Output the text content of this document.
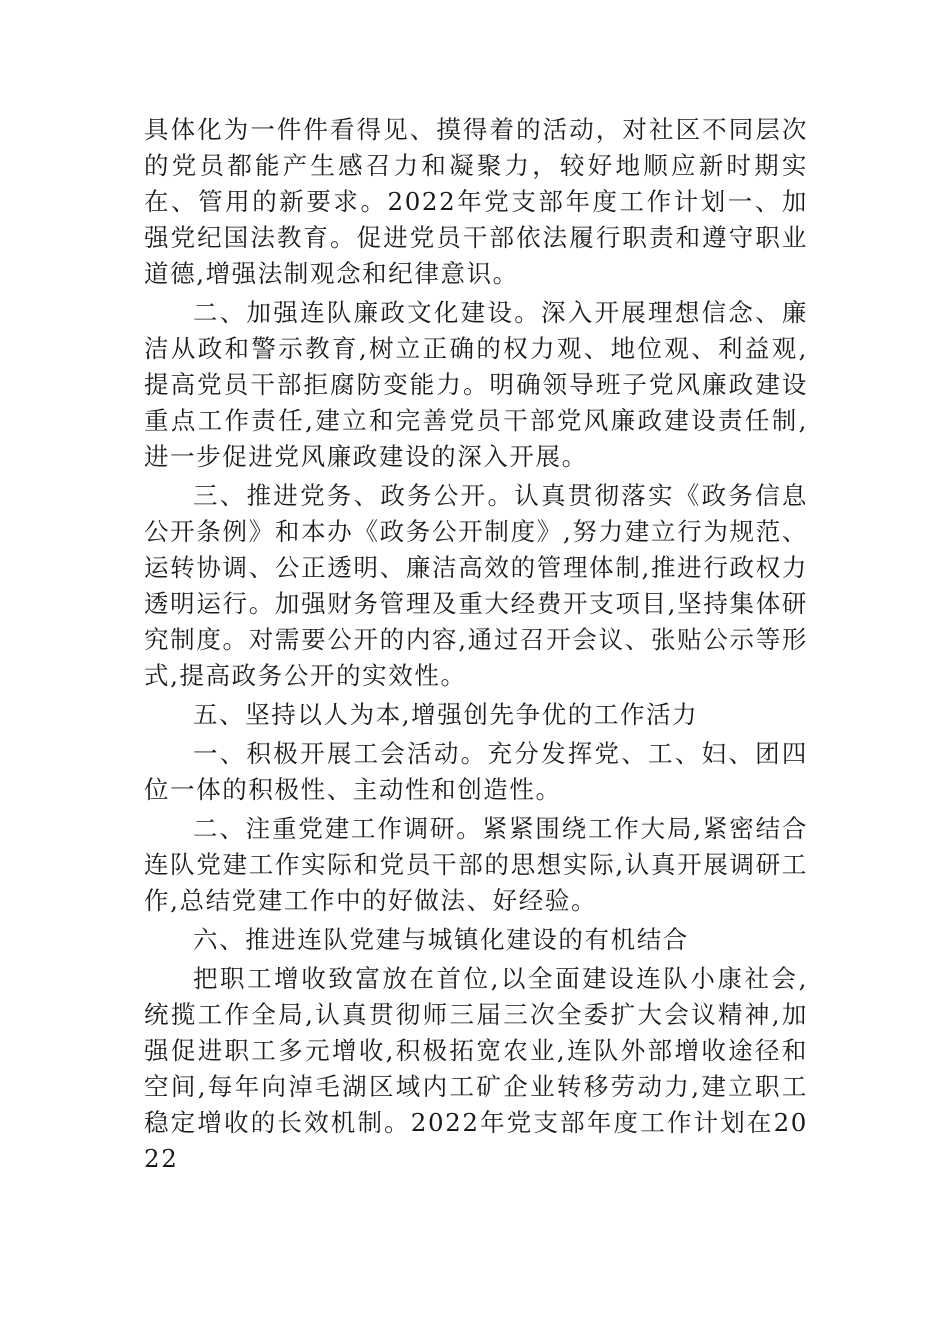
具体化为一件件看得见、摸得着的活动，对社区不同层次的党员都能产生感召力和凝聚力，较好地顺应新时期实在、管用的新要求。2022年党支部年度工作计划一、加强党纪国法教育。促进党员干部依法履行职责和遵守职业道德,增强法制观念和纪律意识。

二、加强连队廉政文化建设。深入开展理想信念、廉洁从政和警示教育,树立正确的权力观、地位观、利益观,提高党员干部拒腐防变能力。明确领导班子党风廉政建设重点工作责任,建立和完善党员干部党风廉政建设责任制,进一步促进党风廉政建设的深入开展。

三、推进党务、政务公开。认真贯彻落实《政务信息公开条例》和本办《政务公开制度》,努力建立行为规范、运转协调、公正透明、廉洁高效的管理体制,推进行政权力透明运行。加强财务管理及重大经费开支项目,坚持集体研究制度。对需要公开的内容,通过召开会议、张贴公示等形式,提高政务公开的实效性。

五、坚持以人为本,增强创先争优的工作活力

一、积极开展工会活动。充分发挥党、工、妇、团四位一体的积极性、主动性和创造性。

二、注重党建工作调研。紧紧围绕工作大局,紧密结合连队党建工作实际和党员干部的思想实际,认真开展调研工作,总结党建工作中的好做法、好经验。

六、推进连队党建与城镇化建设的有机结合

把职工增收致富放在首位,以全面建设连队小康社会,统揽工作全局,认真贯彻师三届三次全委扩大会议精神,加强促进职工多元增收,积极拓宽农业,连队外部增收途径和空间,每年向淖毛湖区域内工矿企业转移劳动力,建立职工稳定增收的长效机制。2022年党支部年度工作计划在2022
